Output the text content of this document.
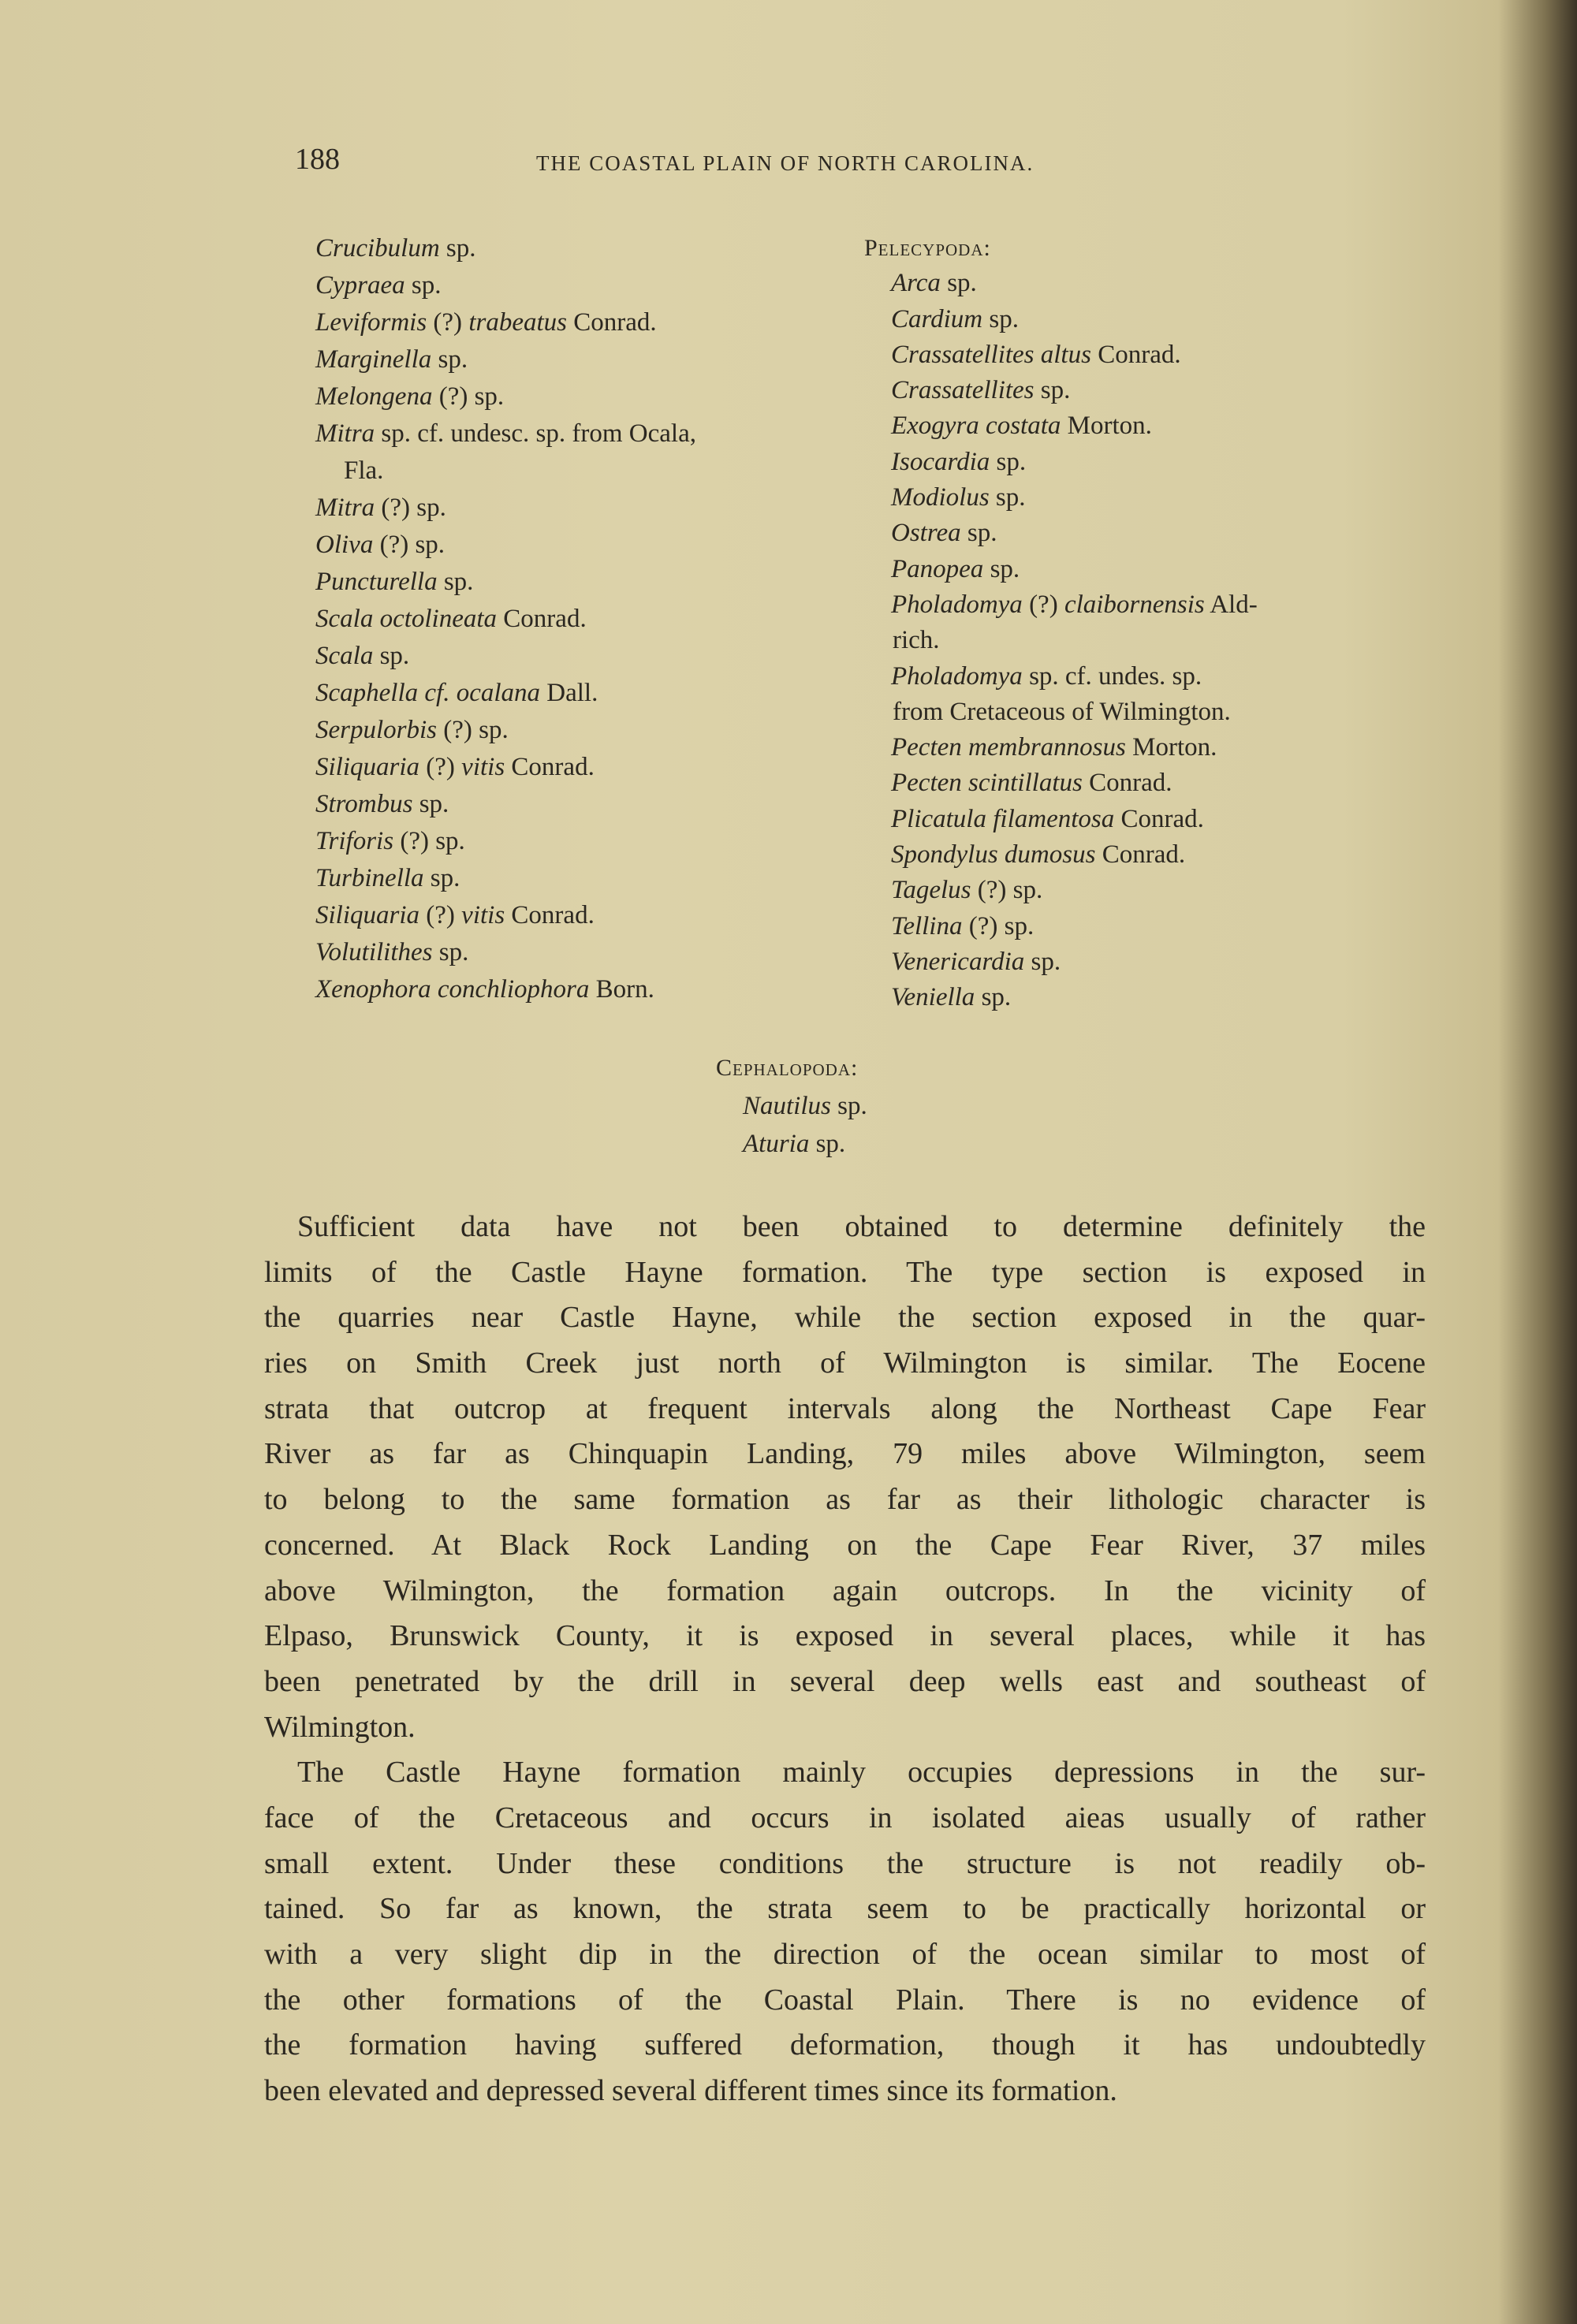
188	THE COASTAL PLAIN OF NORTH CAROLINA.
Crucibulum sp.
Cypraea sp.
Leviformis (?) trabeatus Conrad.
Marginella sp.
Melongena (?) sp.
Mitra sp. cf. undesc. sp. from Ocala,
Fla.
Mitra (?) sp.
Oliva (?) sp.
Puncturella sp.
Scala octolineata Conrad.
Scala sp.
Scaphella cf. ocalana Dall.
Serpulorbis (?) sp.
Siliquaria (?) vitis Conrad.
Strombus sp.
Triforis (?) sp.
Turbinella sp.
Siliquaria (?) vitis Conrad.
Volutilithes sp.
Xenophora conchliophora Born.
Pelecypoda:
Arca sp.
Cardium sp.
Crassatellites altus Conrad.
Crassatellites sp.
Exogyra costata Morton.
Isocardia sp.
Modiolus sp.
Ostrea sp.
Panopea sp.
Pholadomya (?) claibornensis Ald-
rich.
Pholadomya sp. cf. undes. sp.
from Cretaceous of Wilmington.
Pecten membrannosus Morton.
Pecten scintillatus Conrad.
Plicatula filamentosa Conrad.
Spondylus dumosus Conrad.
Tagelus (?) sp.
Tellina (?) sp.
Venericardia sp.
Veniella sp.
Cephalopoda:
Nautilus sp.
Aturia sp.
Sufficient data have not been obtained to determine definitely the
limits of the Castle Hayne formation. The type section is exposed in
the quarries near Castle Hayne, while the section exposed in the quar-
ries on Smith Creek just north of Wilmington is similar. The Eocene
strata that outcrop at frequent intervals along the Northeast Cape Fear
River as far as Chinquapin Landing, 79 miles above Wilmington, seem
to belong to the same formation as far as their lithologic character is
concerned. At Black Rock Landing on the Cape Fear River, 37 miles
above Wilmington, the formation again outcrops. In the vicinity of
Elpaso, Brunswick County, it is exposed in several places, while it has
been penetrated by the drill in several deep wells east and southeast of
Wilmington.
The Castle Hayne formation mainly occupies depressions in the sur-
face of the Cretaceous and occurs in isolated aieas usually of rather
small extent. Under these conditions the structure is not readily ob-
tained. So far as known, the strata seem to be practically horizontal or
with a very slight dip in the direction of the ocean similar to most of
the other formations of the Coastal Plain. There is no evidence of
the formation having suffered deformation, though it has undoubtedly
been elevated and depressed several different times since its formation.
